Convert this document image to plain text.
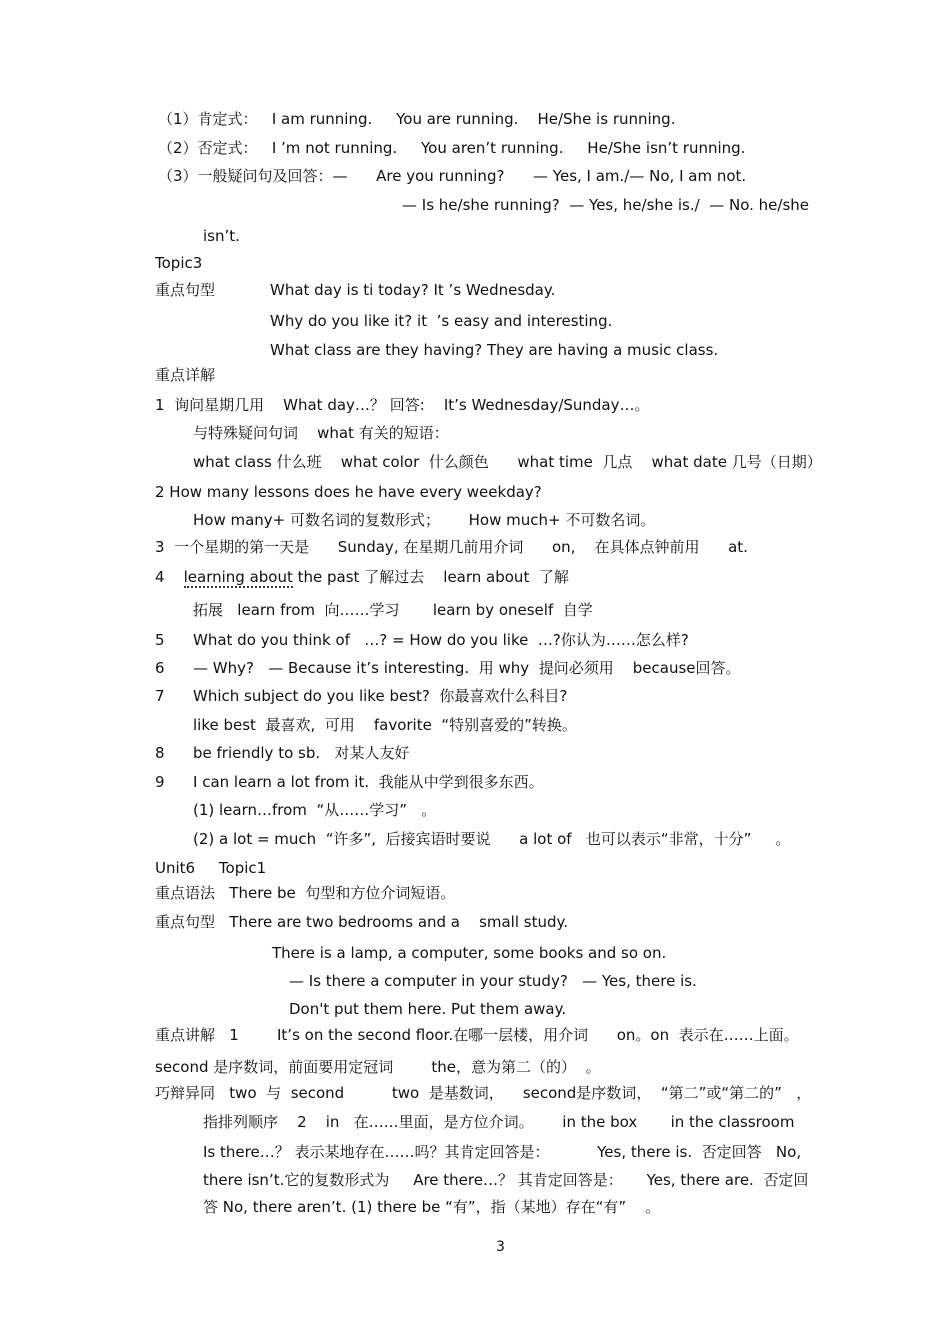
（1）肯定式：   I am running.     You are running.    He/She is running.
（2）否定式：   I ’m not running.     You aren’t running.     He/She isn’t running.
（3）一般疑问句及回答：—      Are you running?      — Yes, I am./— No, I am not.
— Is he/she running?  — Yes, he/she is./  — No. he/she
isn’t.
Topic3
重点句型	What day is ti today? It ’s Wednesday.
Why do you like it? it  ’s easy and interesting.
What class are they having? They are having a music class.
重点详解
1  询问星期几用    What day…？ 回答:    It’s Wednesday/Sunday…。
与特殊疑问句词    what 有关的短语：
what class 什么班    what color  什么颜色      what time  几点    what date 几号（日期）
2 How many lessons does he have every weekday?
How many+ 可数名词的复数形式；      How much+ 不可数名词。
3  一个星期的第一天是      Sunday, 在星期几前用介词      on,    在具体点钟前用      at.
4    learning about the past 了解过去    learn about  了解
拓展   learn from  向……学习       learn by oneself  自学
5 What do you think of   …? = How do you like  …?你认为……怎么样?
6 — Why?   — Because it’s interesting.  用 why  提问必须用    because回答。
7 Which subject do you like best?  你最喜欢什么科目?
like best  最喜欢,  可用    favorite  “特别喜爱的”转换。
8 be friendly to sb.   对某人友好
9 I can learn a lot from it.  我能从中学到很多东西。
(1) learn…from  “从……学习”   。
(2) a lot = much  “许多”,  后接宾语时要说      a lot of   也可以表示“非常，十分”     。
Unit6     Topic1
重点语法   There be  句型和方位介词短语。
重点句型   There are two bedrooms and a    small study.
There is a lamp, a computer, some books and so on.
— Is there a computer in your study?   — Yes, there is.
Don't put them here. Put them away.
重点讲解   1        It’s on the second floor.在哪一层楼，用介词      on。on  表示在……上面。
second 是序数词，前面要用定冠词        the，意为第二（的）  。
巧辩异同   two  与  second          two  是基数词，    second是序数词，  “第二”或“第二的”   ，
指排列顺序    2    in   在……里面，是方位介词。      in the box       in the classroom
Is there…？ 表示某地存在……吗？其肯定回答是：          Yes, there is.  否定回答   No,
there isn’t.它的复数形式为     Are there…？ 其肯定回答是：     Yes, there are.  否定回
答 No, there aren’t. (1) there be “有”，指（某地）存在“有”    。
3
